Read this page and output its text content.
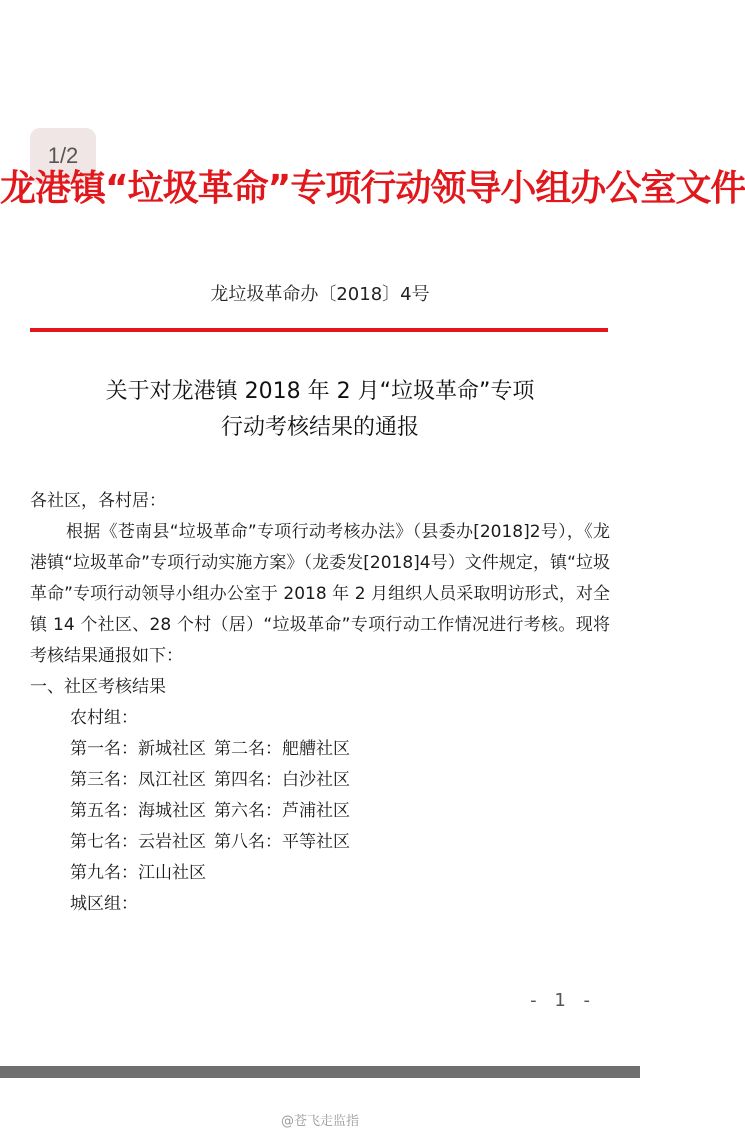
1/2
龙港镇“垃圾革命”专项行动领导小组办公室文件
龙垃圾革命办〔2018〕4号
关于对龙港镇 2018 年 2 月“垃圾革命”专项
行动考核结果的通报

各社区，各村居：

根据《苍南县“垃圾革命”专项行动考核办法》（县委办[2018]2号），《龙港镇“垃圾革命”专项行动实施方案》（龙委发[2018]4号）文件规定，镇“垃圾革命”专项行动领导小组办公室于 2018 年 2 月组织人员采取明访形式，对全镇 14 个社区、28 个村（居）“垃圾革命”专项行动工作情况进行考核。现将考核结果通报如下：

一、社区考核结果

农村组：

第一名：新城社区 第二名：舥艚社区

第三名：凤江社区 第四名：白沙社区

第五名：海城社区 第六名：芦浦社区

第七名：云岩社区 第八名：平等社区

第九名：江山社区

城区组：

- 1 -
@苍飞走监指
